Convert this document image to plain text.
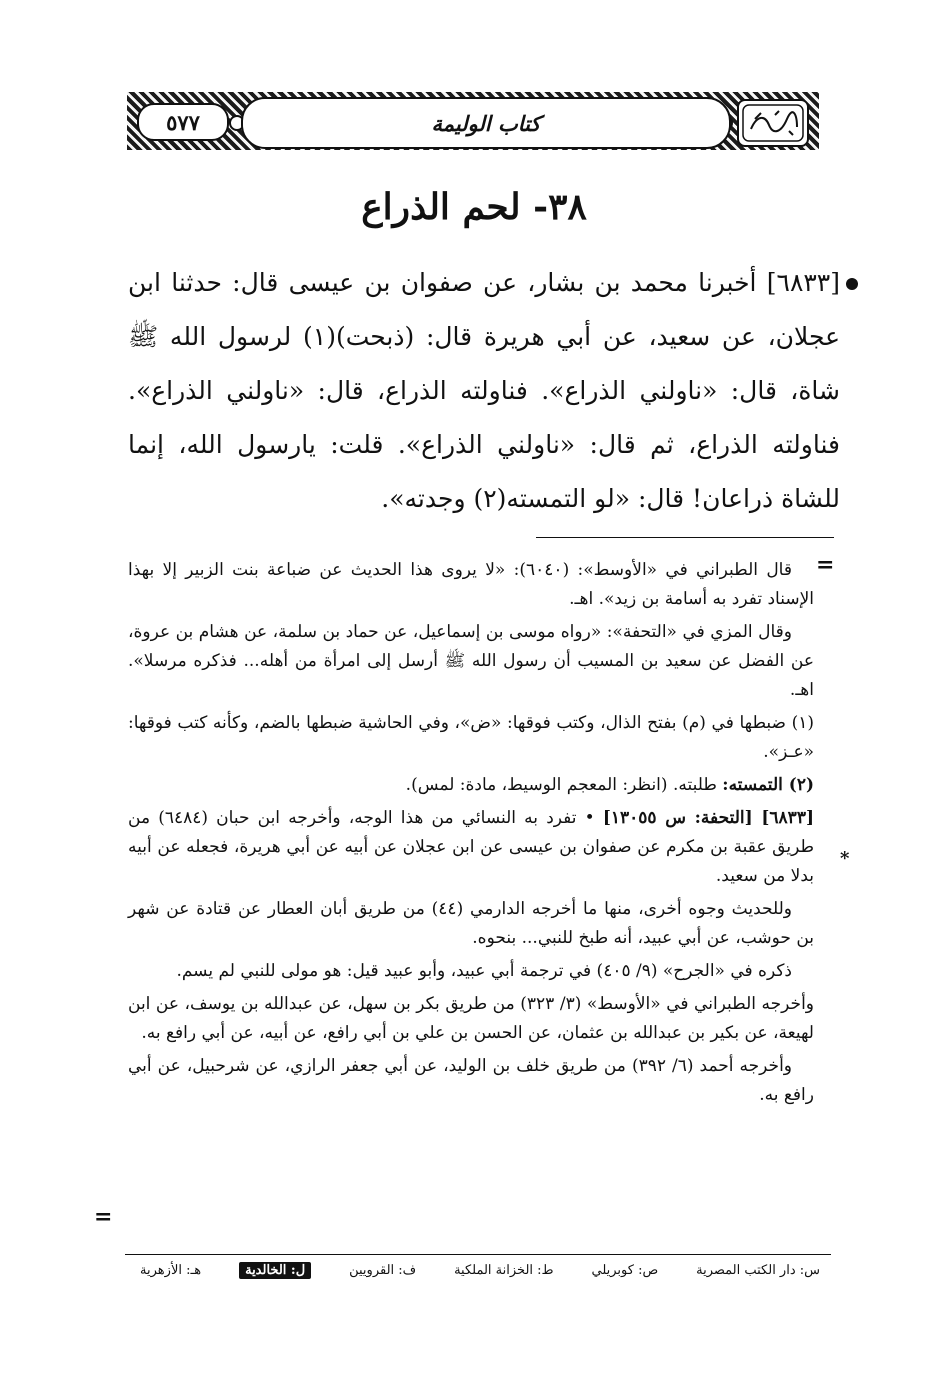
كتاب الوليمة
٥٧٧
٣٨- لحم الذراع
[٦٨٣٣] أخبرنا محمد بن بشار، عن صفوان بن عيسى قال: حدثنا ابن عجلان، عن سعيد، عن أبي هريرة قال: (ذبحت)(١) لرسول الله ﷺ شاة، قال: «ناولني الذراع». فناولته الذراع، قال: «ناولني الذراع». فناولته الذراع، ثم قال: «ناولني الذراع». قلت: يارسول الله، إنما للشاة ذراعان! قال: «لو التمسته(٢) وجدته».
=
*
=

قال الطبراني في «الأوسط»: (٦٠٤٠): «لا يروى هذا الحديث عن ضباعة بنت الزبير إلا بهذا الإسناد تفرد به أسامة بن زيد». اهـ.

وقال المزي في «التحفة»: «رواه موسى بن إسماعيل، عن حماد بن سلمة، عن هشام بن عروة، عن الفضل عن سعيد بن المسيب أن رسول الله ﷺ أرسل إلى امرأة من أهله... فذكره مرسلا». اهـ.

(١) ضبطها في (م) بفتح الذال، وكتب فوقها: «ض»، وفي الحاشية ضبطها بالضم، وكأنه كتب فوقها: «عـز».

(٢) التمسته: طلبته. (انظر: المعجم الوسيط، مادة: لمس).

[٦٨٣٣] [التحفة: س ١٣٠٥٥] • تفرد به النسائي من هذا الوجه، وأخرجه ابن حبان (٦٤٨٤) من طريق عقبة بن مكرم عن صفوان بن عيسى عن ابن عجلان عن أبيه عن أبي هريرة، فجعله عن أبيه بدلا من سعيد.

وللحديث وجوه أخرى، منها ما أخرجه الدارمي (٤٤) من طريق أبان العطار عن قتادة عن شهر بن حوشب، عن أبي عبيد، أنه طبخ للنبي... بنحوه.

ذكره في «الجرح» (٩/ ٤٠٥) في ترجمة أبي عبيد، وأبو عبيد قيل: هو مولى للنبي لم يسم.

وأخرجه الطبراني في «الأوسط» (٣/ ٣٢٣) من طريق بكر بن سهل، عن عبدالله بن يوسف، عن ابن لهيعة، عن بكير بن عبدالله بن عثمان، عن الحسن بن علي بن أبي رافع، عن أبيه، عن أبي رافع به.

وأخرجه أحمد (٦/ ٣٩٢) من طريق خلف بن الوليد، عن أبي جعفر الرازي، عن شرحبيل، عن أبي رافع به.

س: دار الكتب المصرية
ص: كوبريلي
ط: الخزانة الملكية
ف: القرويين
ل: الخالدية
هـ: الأزهرية
